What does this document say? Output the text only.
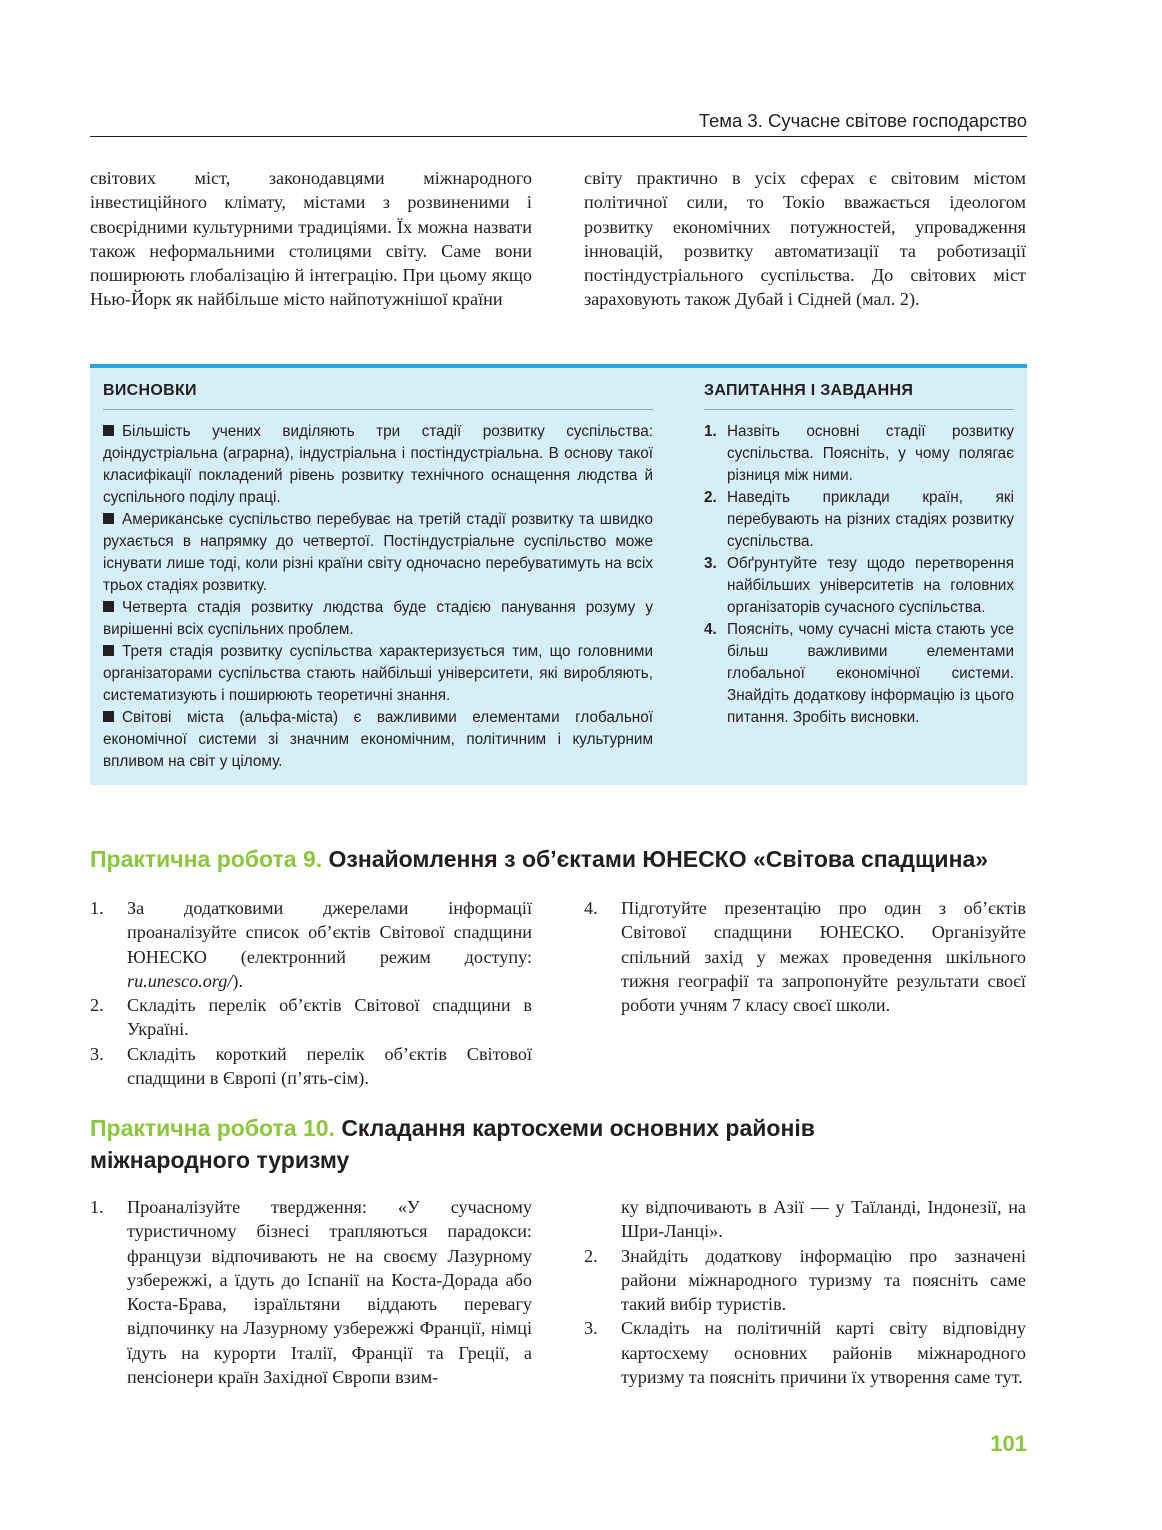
Тема 3. Сучасне світове господарство

світових міст, законодавцями міжнародного інвестиційного клімату, містами з розвиненими і своєрідними культурними традиціями. Їх можна назвати також неформальними столицями світу. Саме вони поширюють глобалізацію й інтеграцію. При цьому якщо Нью-Йорк як найбільше місто найпотужнішої країни

світу практично в усіх сферах є світовим містом політичної сили, то Токіо вважається ідеологом розвитку економічних потужностей, упровадження інновацій, розвитку автоматизації та роботизації постіндустріального суспільства. До світових міст зараховують також Дубай і Сідней (мал. 2).

ВИСНОВКИ

Більшість учених виділяють три стадії розвитку суспільства: доіндустріальна (аграрна), індустріальна і постіндустріальна. В основу такої класифікації покладений рівень розвитку технічного оснащення людства й суспільного поділу праці.

Американське суспільство перебуває на третій стадії розвитку та швидко рухається в напрямку до четвертої. Постіндустріальне суспільство може існувати лише тоді, коли різні країни світу одночасно перебуватимуть на всіх трьох стадіях розвитку.

Четверта стадія розвитку людства буде стадією панування розуму у вирішенні всіх суспільних проблем.

Третя стадія розвитку суспільства характеризується тим, що головними організаторами суспільства стають найбільші університети, які виробляють, систематизують і поширюють теоретичні знання.

Світові міста (альфа-міста) є важливими елементами глобальної економічної системи зі значним економічним, політичним і культурним впливом на світ у цілому.

ЗАПИТАННЯ І ЗАВДАННЯ
1. Назвіть основні стадії розвитку суспільства. Поясніть, у чому полягає різниця між ними.
2. Наведіть приклади країн, які перебувають на різних стадіях розвитку суспільства.
3. Обґрунтуйте тезу щодо перетворення найбільших університетів на головних організаторів сучасного суспільства.
4. Поясніть, чому сучасні міста стають усе більш важливими елементами глобальної економічної системи. Знайдіть додаткову інформацію із цього питання. Зробіть висновки.
Практична робота 9. Ознайомлення з об’єктами ЮНЕСКО «Світова спадщина»
1. За додатковими джерелами інформації проаналізуйте список об’єктів Світової спадщини ЮНЕСКО (електронний режим доступу: ru.unesco.org/).
2. Складіть перелік об’єктів Світової спадщини в Україні.
3. Складіть короткий перелік об’єктів Світової спадщини в Європі (п’ять-сім).
4. Підготуйте презентацію про один з об’єктів Світової спадщини ЮНЕСКО. Організуйте спільний захід у межах проведення шкільного тижня географії та запропонуйте результати своєї роботи учням 7 класу своєї школи.
Практична робота 10. Складання картосхеми основних районів
міжнародного туризму
1. Проаналізуйте твердження: «У сучасному туристичному бізнесі трапляються парадокси: французи відпочивають не на своєму Лазурному узбережжі, а їдуть до Іспанії на Коста-Дорада або Коста-Брава, ізраїльтяни віддають перевагу відпочинку на Лазурному узбережжі Франції, німці їдуть на курорти Італії, Франції та Греції, а пенсіонери країн Західної Європи взим-

ку відпочивають в Азії — у Таїланді, Індонезії, на Шри-Ланці».

2. Знайдіть додаткову інформацію про зазначені райони міжнародного туризму та поясніть саме такий вибір туристів.
3. Складіть на політичній карті світу відповідну картосхему основних районів міжнародного туризму та поясніть причини їх утворення саме тут.
101
